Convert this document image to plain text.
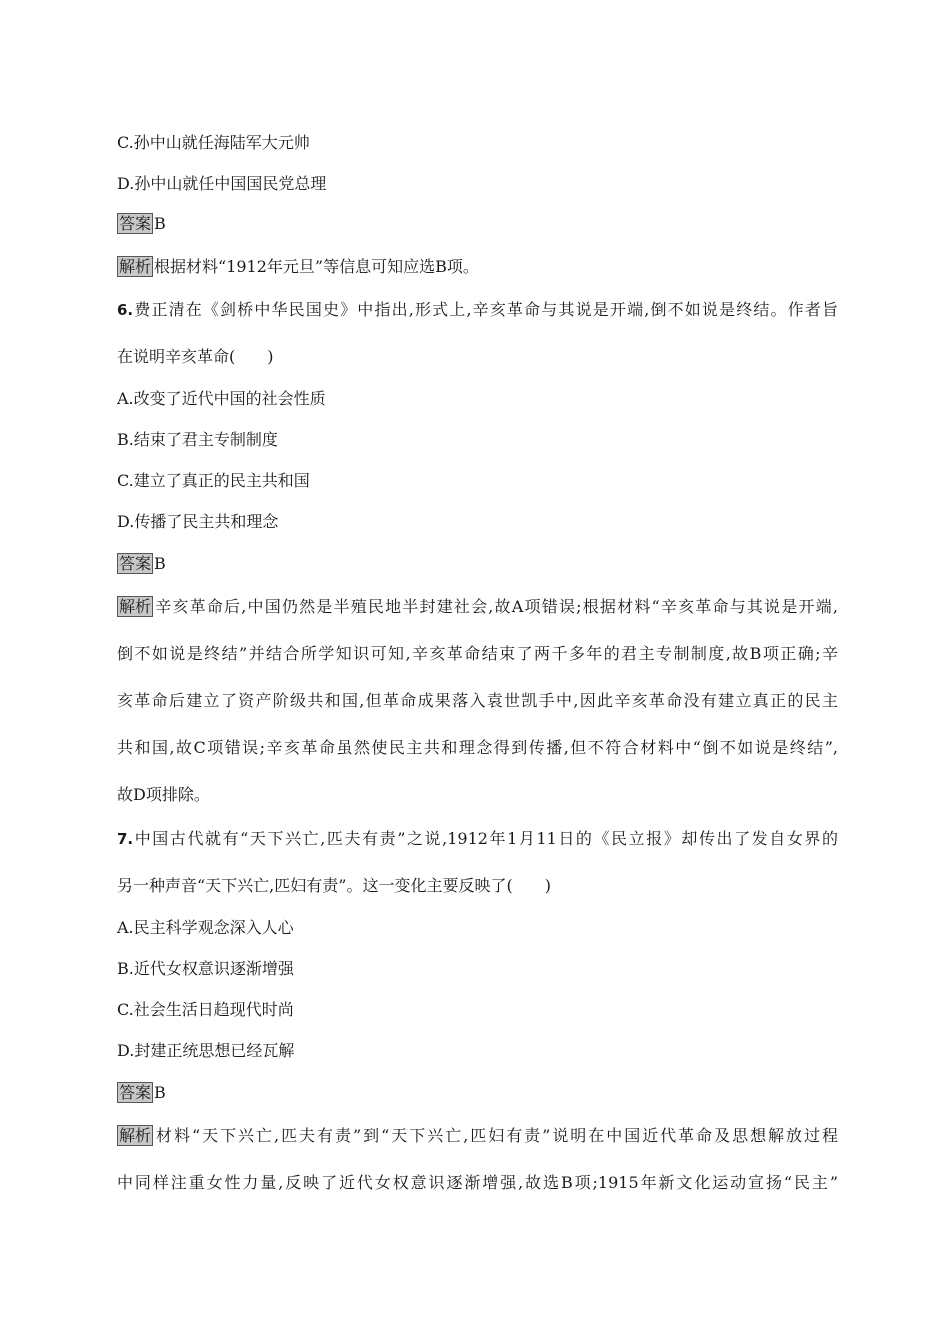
C.孙中山就任海陆军大元帅
D.孙中山就任中国国民党总理
答案 B
解析 根据材料“1912年元旦”等信息可知应选B项。
6.费正清在《剑桥中华民国史》中指出,形式上,辛亥革命与其说是开端,倒不如说是终结。作者旨
在说明辛亥革命(　　)
A.改变了近代中国的社会性质
B.结束了君主专制制度
C.建立了真正的民主共和国
D.传播了民主共和理念
答案 B
解析 辛亥革命后,中国仍然是半殖民地半封建社会,故A项错误;根据材料“辛亥革命与其说是开端,
倒不如说是终结”并结合所学知识可知,辛亥革命结束了两千多年的君主专制制度,故B项正确;辛
亥革命后建立了资产阶级共和国,但革命成果落入袁世凯手中,因此辛亥革命没有建立真正的民主
共和国,故C项错误;辛亥革命虽然使民主共和理念得到传播,但不符合材料中“倒不如说是终结”,
故D项排除。
7.中国古代就有“天下兴亡,匹夫有责”之说,1912年1月11日的《民立报》却传出了发自女界的
另一种声音“天下兴亡,匹妇有责”。这一变化主要反映了(　　)
A.民主科学观念深入人心
B.近代女权意识逐渐增强
C.社会生活日趋现代时尚
D.封建正统思想已经瓦解
答案 B
解析 材料“天下兴亡,匹夫有责”到“天下兴亡,匹妇有责”说明在中国近代革命及思想解放过程
中同样注重女性力量,反映了近代女权意识逐渐增强,故选B项;1915年新文化运动宣扬“民主”
